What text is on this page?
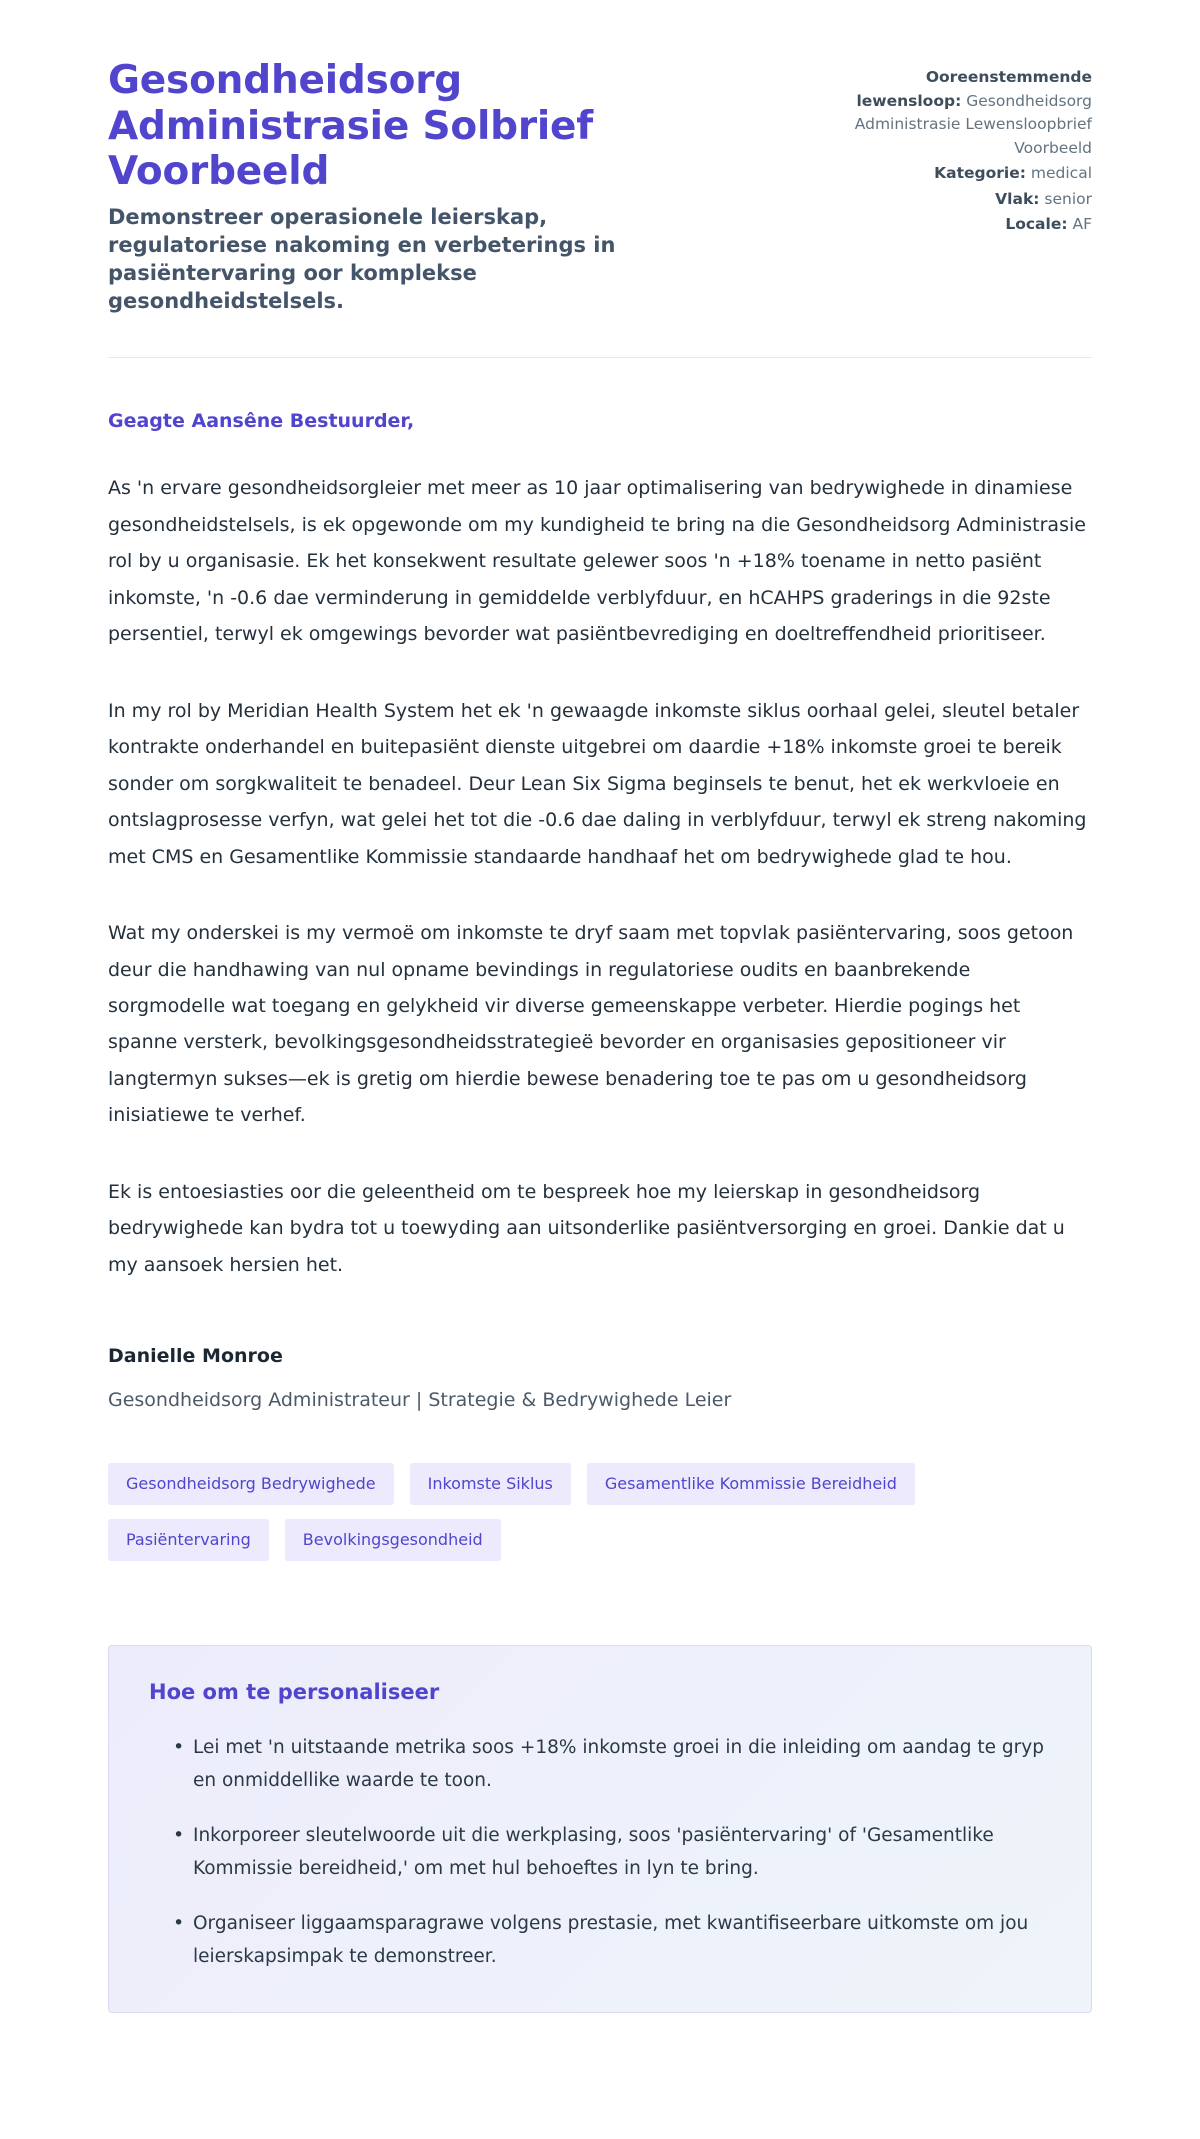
Gesondheidsorg Administrasie Solbrief Voorbeeld

Demonstreer operasionele leierskap, regulatoriese nakoming en verbeterings in pasiëntervaring oor komplekse gesondheidstelsels.

Ooreenstemmende lewensloop: Gesondheidsorg Administrasie Lewensloopbrief Voorbeeld

Kategorie: medical

Vlak: senior

Locale: AF

Geagte Aansêne Bestuurder,

As 'n ervare gesondheidsorgleier met meer as 10 jaar optimalisering van bedrywighede in dinamiese gesondheidstelsels, is ek opgewonde om my kundigheid te bring na die Gesondheidsorg Administrasie rol by u organisasie. Ek het konsekwent resultate gelewer soos 'n +18% toename in netto pasiënt inkomste, 'n -0.6 dae verminderung in gemiddelde verblyfduur, en hCAHPS graderings in die 92ste persentiel, terwyl ek omgewings bevorder wat pasiëntbevrediging en doeltreffendheid prioritiseer.

In my rol by Meridian Health System het ek 'n gewaagde inkomste siklus oorhaal gelei, sleutel betaler kontrakte onderhandel en buitepasiënt dienste uitgebrei om daardie +18% inkomste groei te bereik sonder om sorgkwaliteit te benadeel. Deur Lean Six Sigma beginsels te benut, het ek werkvloeie en ontslagprosesse verfyn, wat gelei het tot die -0.6 dae daling in verblyfduur, terwyl ek streng nakoming met CMS en Gesamentlike Kommissie standaarde handhaaf het om bedrywighede glad te hou.

Wat my onderskei is my vermoë om inkomste te dryf saam met topvlak pasiëntervaring, soos getoon deur die handhawing van nul opname bevindings in regulatoriese oudits en baanbrekende sorgmodelle wat toegang en gelykheid vir diverse gemeenskappe verbeter. Hierdie pogings het spanne versterk, bevolkingsgesondheidsstrategieë bevorder en organisasies gepositioneer vir langtermyn sukses—ek is gretig om hierdie bewese benadering toe te pas om u gesondheidsorg inisiatiewe te verhef.

Ek is entoesiasties oor die geleentheid om te bespreek hoe my leierskap in gesondheidsorg bedrywighede kan bydra tot u toewyding aan uitsonderlike pasiëntversorging en groei. Dankie dat u my aansoek hersien het.

Danielle Monroe

Gesondheidsorg Administrateur | Strategie & Bedrywighede Leier

Gesondheidsorg Bedrywighede	Inkomste Siklus	Gesamentlike Kommissie Bereidheid
Pasiëntervaring	Bevolkingsgesondheid
Hoe om te personaliseer
• Lei met 'n uitstaande metrika soos +18% inkomste groei in die inleiding om aandag te gryp en onmiddellike waarde te toon.
• Inkorporeer sleutelwoorde uit die werkplasing, soos 'pasiëntervaring' of 'Gesamentlike Kommissie bereidheid,' om met hul behoeftes in lyn te bring.
• Organiseer liggaamsparagrawe volgens prestasie, met kwantifiseerbare uitkomste om jou leierskapsimpak te demonstreer.
